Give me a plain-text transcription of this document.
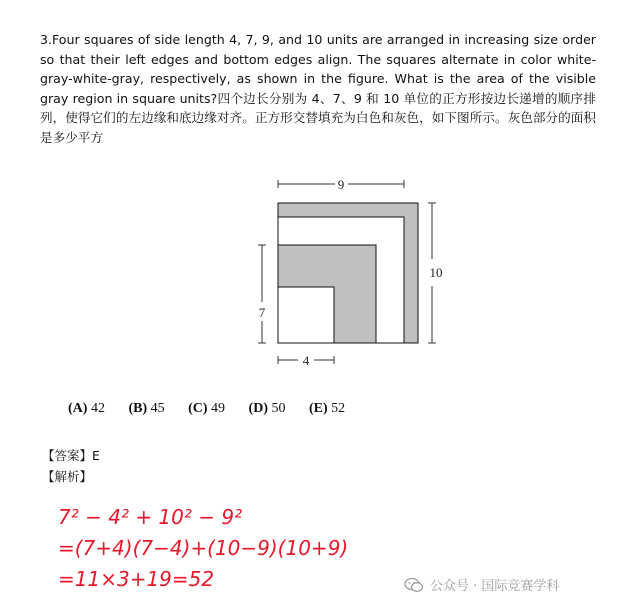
3.Four squares of side length 4, 7, 9, and 10 units are arranged in increasing size order so that their left edges and bottom edges align. The squares alternate in color white-gray-white-gray, respectively, as shown in the figure. What is the area of the visible gray region in square units?四个边长分别为 4、7、9 和 10 单位的正方形按边长递增的顺序排列，使得它们的左边缘和底边缘对齐。正方形交替填充为白色和灰色，如下图所示。灰色部分的面积是多少平方

9
10
7
4
(A) 42 (B) 45 (C) 49 (D) 50 (E) 52
【答案】E
【解析】
7² − 4² + 10² − 9²
=(7+4)(7−4)+(10−9)(10+9)
=11×3+19=52	公众号 · 国际竞赛学科
